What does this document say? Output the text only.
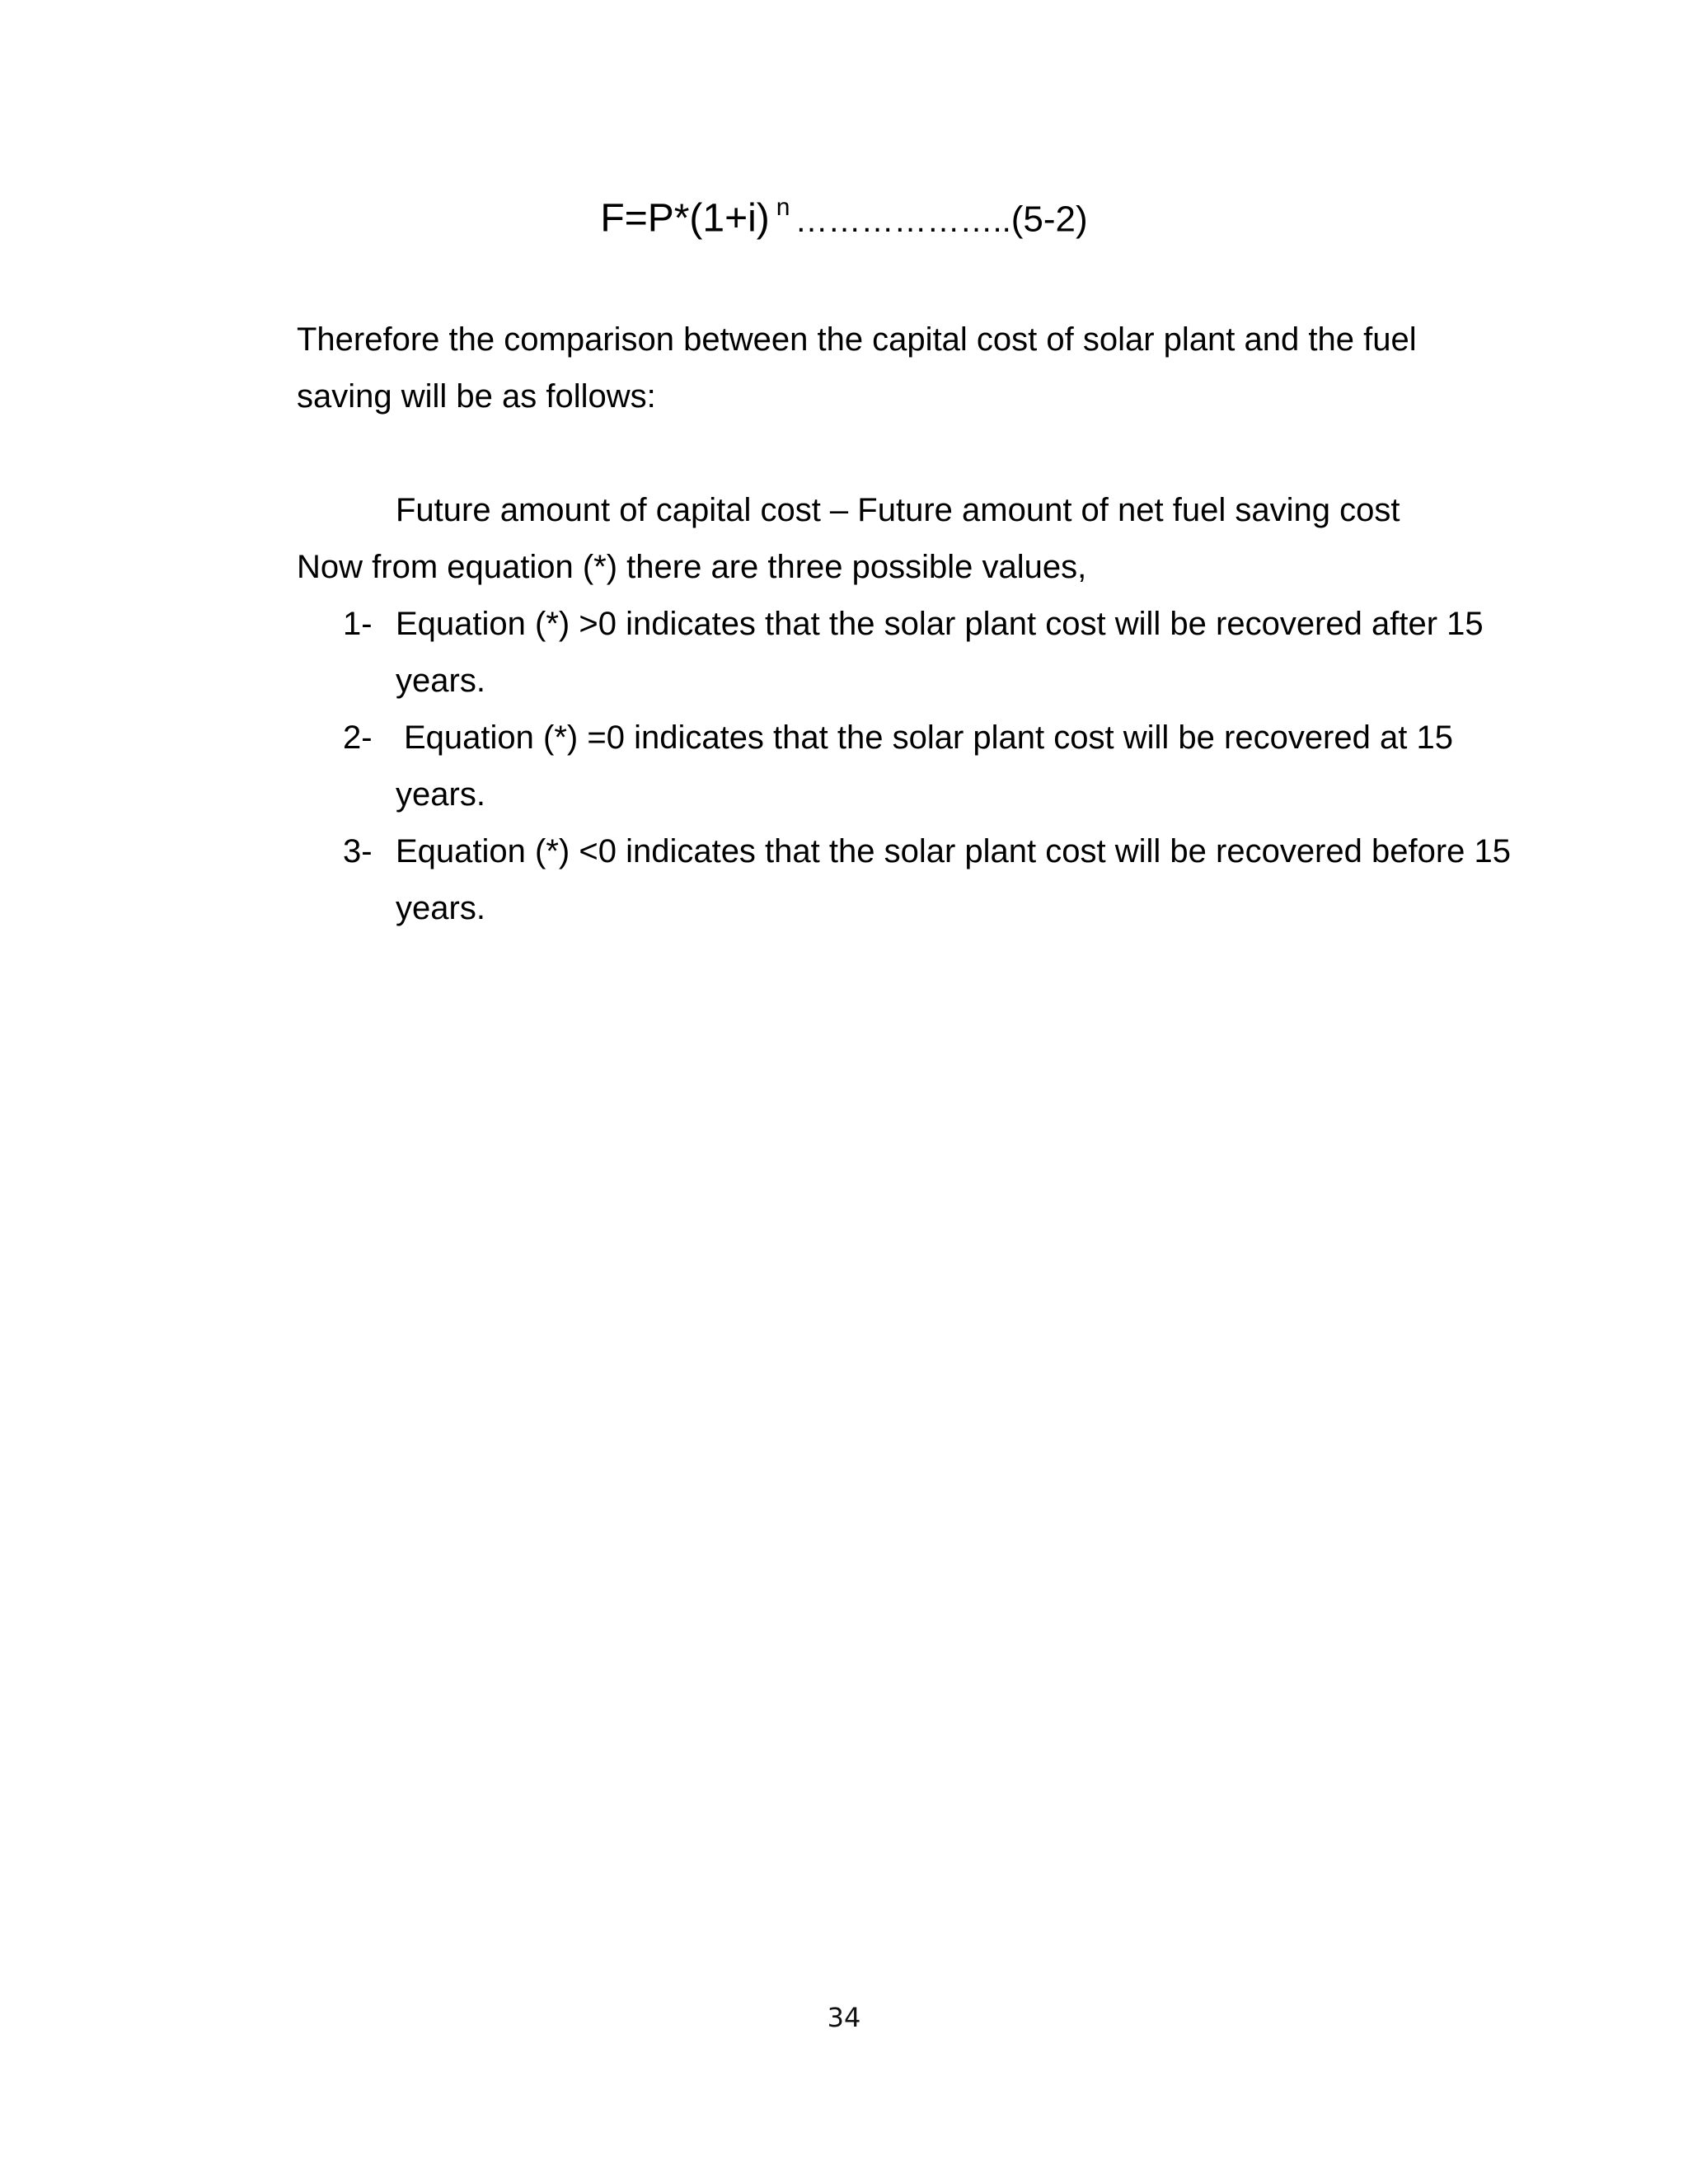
F=P*(1+i) $^n$ ………………..(5-2)

Therefore the comparison between the capital cost of solar plant and the fuel saving will be as follows:

Future amount of capital cost – Future amount of net fuel saving cost
Now from equation (*) there are three possible values,
1- Equation (*) >0 indicates that the solar plant cost will be recovered after 15 years.
2- Equation (*) =0 indicates that the solar plant cost will be recovered at 15 years.
3- Equation (*) <0 indicates that the solar plant cost will be recovered before 15 years.
34
